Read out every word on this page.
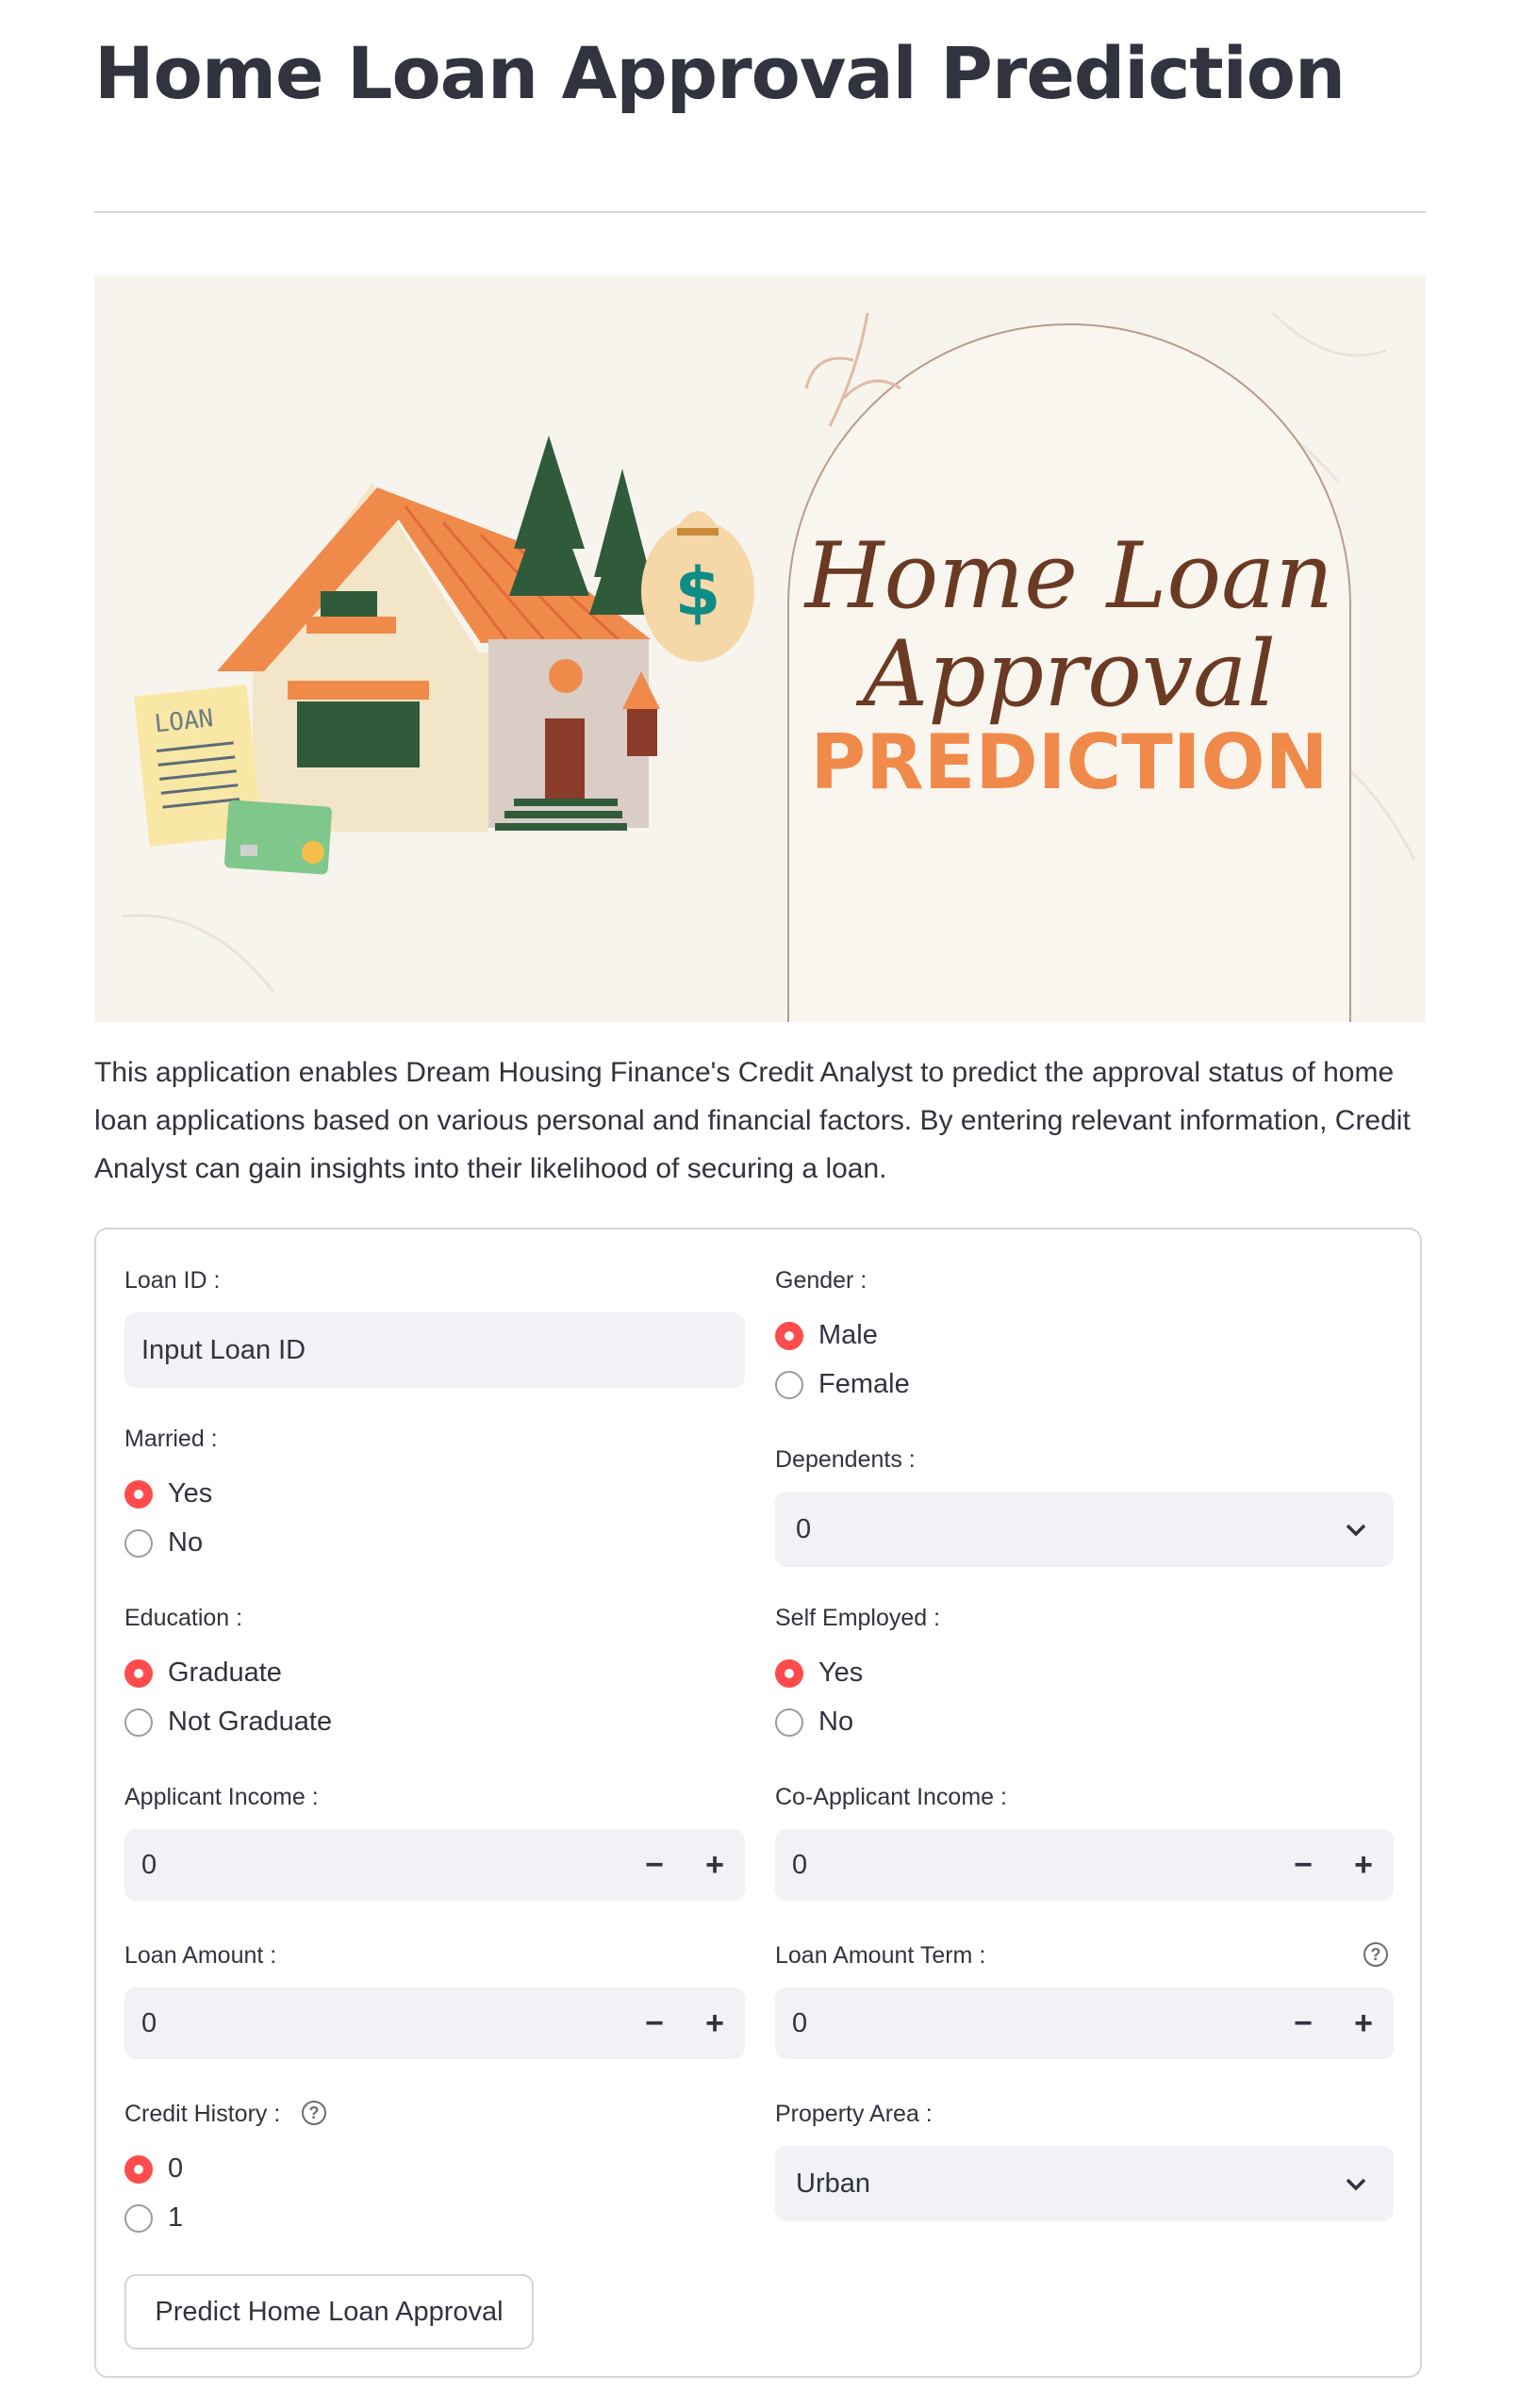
Home Loan Approval Prediction
$
LOAN
Home Loan
Approval
PREDICTION
This application enables Dream Housing Finance's Credit Analyst to predict the approval status of home loan applications based on various personal and financial factors. By entering relevant information, Credit Analyst can gain insights into their likelihood of securing a loan.
Loan ID :
Input Loan ID
Gender :
Male
Female
Married :
Yes
No
Dependents :
0
Education :
Graduate
Not Graduate
Self Employed :
Yes
No
Applicant Income :
0	−	+
Co-Applicant Income :
0	−	+
Loan Amount :
0	−	+
Loan Amount Term :	?
0	−	+
Credit History :	?
0
1
Property Area :
Urban
Predict Home Loan Approval
